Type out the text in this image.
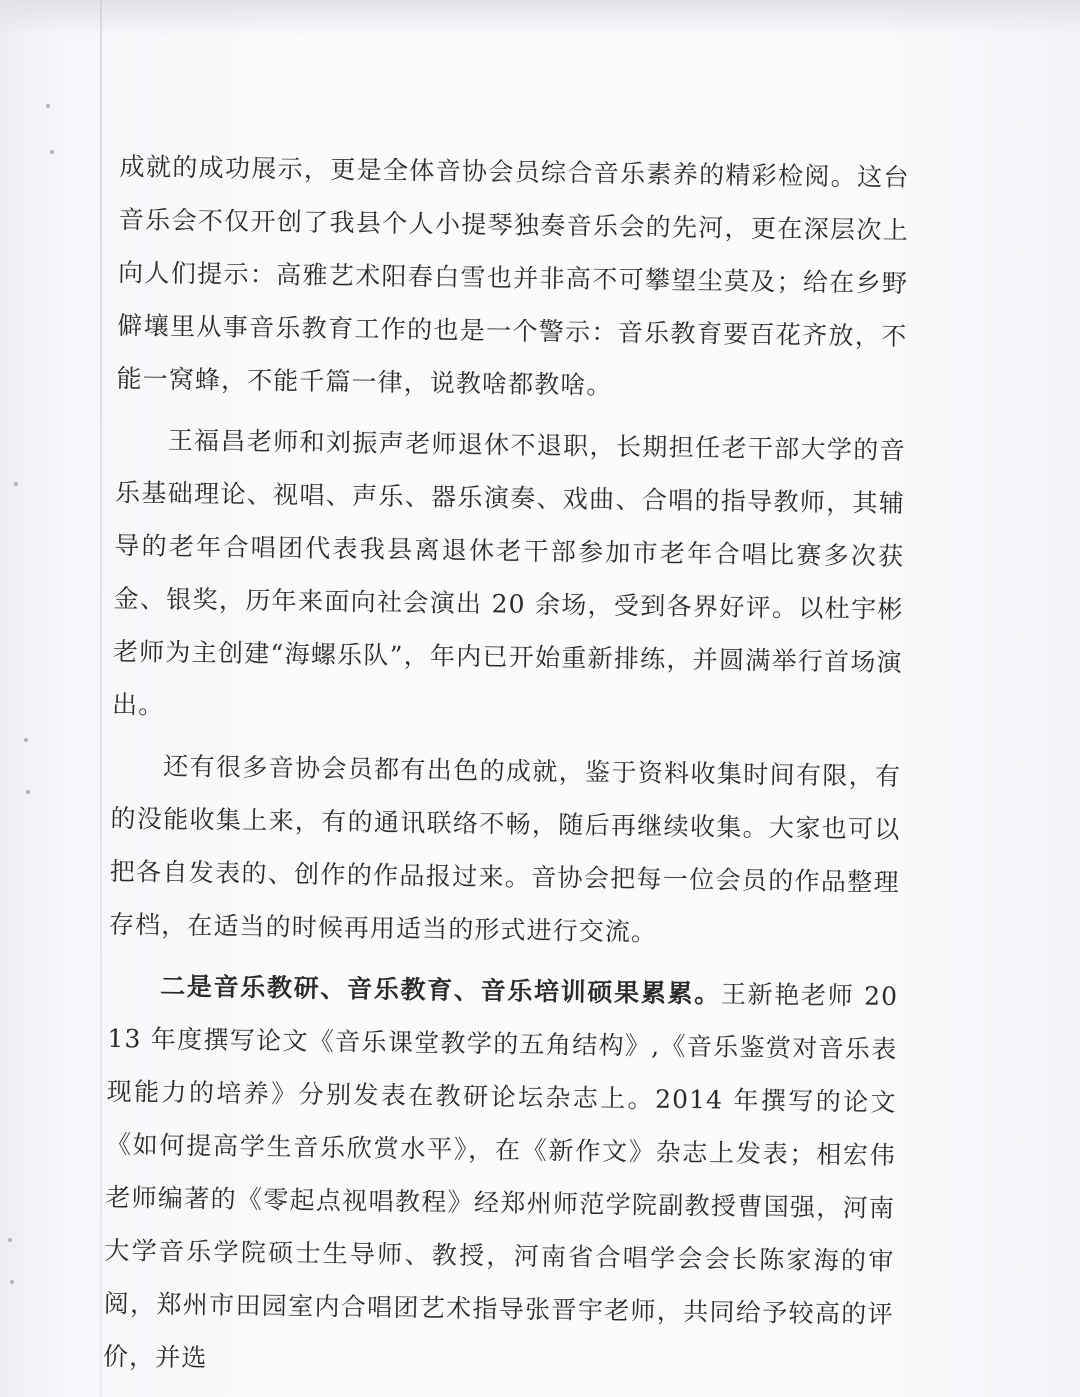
成就的成功展示，更是全体音协会员综合音乐素养的精彩检阅。这台音乐会不仅开创了我县个人小提琴独奏音乐会的先河，更在深层次上向人们提示：高雅艺术阳春白雪也并非高不可攀望尘莫及；给在乡野僻壤里从事音乐教育工作的也是一个警示：音乐教育要百花齐放，不能一窝蜂，不能千篇一律，说教啥都教啥。

王福昌老师和刘振声老师退休不退职，长期担任老干部大学的音乐基础理论、视唱、声乐、器乐演奏、戏曲、合唱的指导教师，其辅导的老年合唱团代表我县离退休老干部参加市老年合唱比赛多次获金、银奖，历年来面向社会演出 20 余场，受到各界好评。以杜宇彬老师为主创建“海螺乐队”，年内已开始重新排练，并圆满举行首场演出。

还有很多音协会员都有出色的成就，鉴于资料收集时间有限，有的没能收集上来，有的通讯联络不畅，随后再继续收集。大家也可以把各自发表的、创作的作品报过来。音协会把每一位会员的作品整理存档，在适当的时候再用适当的形式进行交流。

二是音乐教研、音乐教育、音乐培训硕果累累。王新艳老师 2013 年度撰写论文《音乐课堂教学的五角结构》,《音乐鉴赏对音乐表现能力的培养》分别发表在教研论坛杂志上。2014 年撰写的论文《如何提高学生音乐欣赏水平》，在《新作文》杂志上发表；相宏伟老师编著的《零起点视唱教程》经郑州师范学院副教授曹国强，河南大学音乐学院硕士生导师、教授，河南省合唱学会会长陈家海的审阅，郑州市田园室内合唱团艺术指导张晋宇老师，共同给予较高的评价，并选
